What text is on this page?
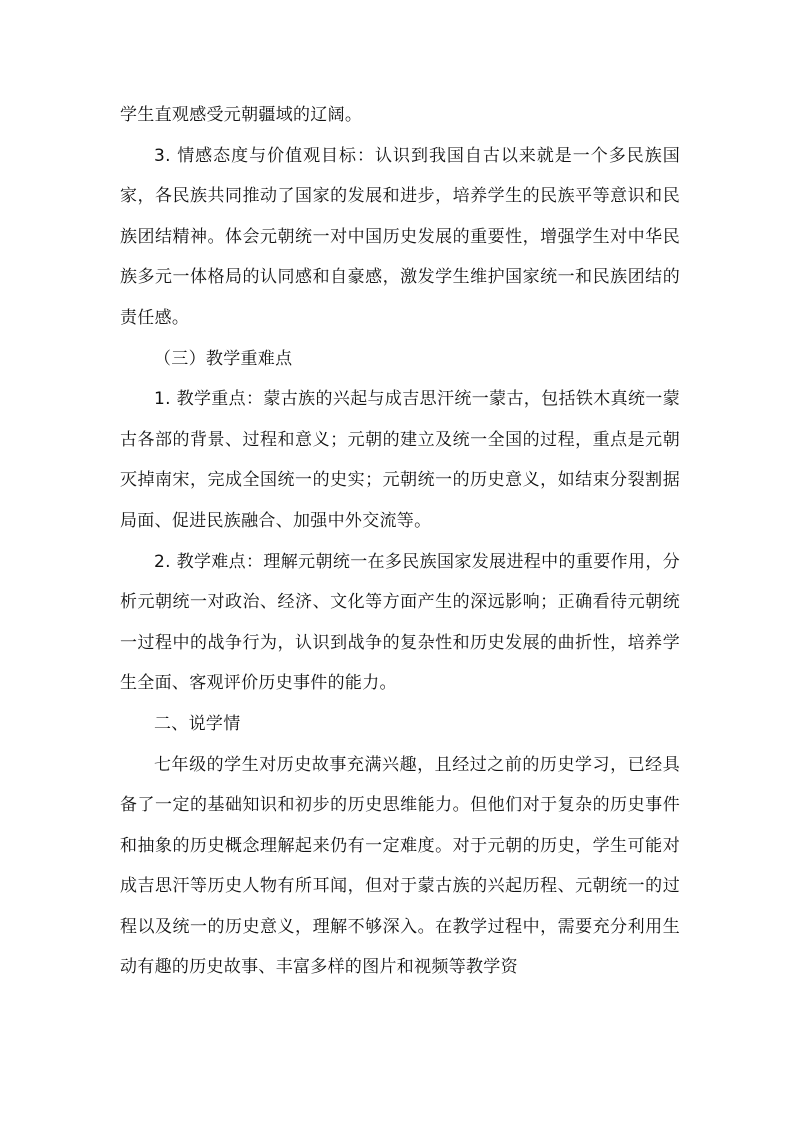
学生直观感受元朝疆域的辽阔。

3. 情感态度与价值观目标：认识到我国自古以来就是一个多民族国家，各民族共同推动了国家的发展和进步，培养学生的民族平等意识和民族团结精神。体会元朝统一对中国历史发展的重要性，增强学生对中华民族多元一体格局的认同感和自豪感，激发学生维护国家统一和民族团结的责任感。

（三）教学重难点

1. 教学重点：蒙古族的兴起与成吉思汗统一蒙古，包括铁木真统一蒙古各部的背景、过程和意义；元朝的建立及统一全国的过程，重点是元朝灭掉南宋，完成全国统一的史实；元朝统一的历史意义，如结束分裂割据局面、促进民族融合、加强中外交流等。

2. 教学难点：理解元朝统一在多民族国家发展进程中的重要作用，分析元朝统一对政治、经济、文化等方面产生的深远影响；正确看待元朝统一过程中的战争行为，认识到战争的复杂性和历史发展的曲折性，培养学生全面、客观评价历史事件的能力。

二、说学情

七年级的学生对历史故事充满兴趣，且经过之前的历史学习，已经具备了一定的基础知识和初步的历史思维能力。但他们对于复杂的历史事件和抽象的历史概念理解起来仍有一定难度。对于元朝的历史，学生可能对成吉思汗等历史人物有所耳闻，但对于蒙古族的兴起历程、元朝统一的过程以及统一的历史意义，理解不够深入。在教学过程中，需要充分利用生动有趣的历史故事、丰富多样的图片和视频等教学资
